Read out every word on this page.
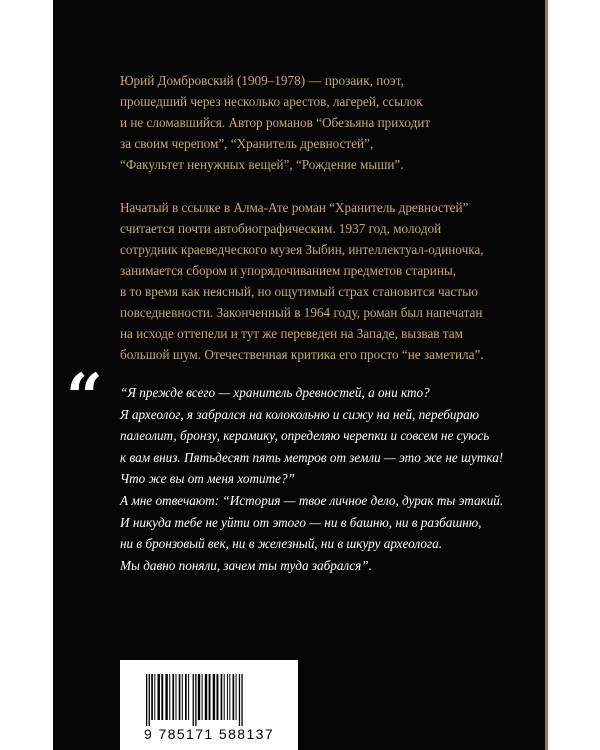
Юрий Домбровский (1909–1978) — прозаик, поэт,
прошедший через несколько арестов, лагерей, ссылок
и не сломавшийся. Автор романов “Обезьяна приходит
за своим черепом”, “Хранитель древностей”,
“Факультет ненужных вещей”, “Рождение мыши”.

Начатый в ссылке в Алма-Ате роман “Хранитель древностей”
считается почти автобиографическим. 1937 год, молодой
сотрудник краеведческого музея Зыбин, интеллектуал-одиночка,
занимается сбором и упорядочиванием предметов старины,
в то время как неясный, но ощутимый страх становится частью
повседневности. Законченный в 1964 году, роман был напечатан
на исходе оттепели и тут же переведен на Западе, вызвав там
большой шум. Отечественная критика его просто “не заметила”.

“ “Я прежде всего — хранитель древностей, а они кто?
Я археолог, я забрался на колокольню и сижу на ней, перебираю
палеолит, бронзу, керамику, определяю черепки и совсем не суюсь
к вам вниз. Пятьдесят пять метров от земли — это же не шутка!
Что же вы от меня хотите?”
А мне отвечают: “История — твое личное дело, дурак ты этакий.
И никуда тебе не уйти от этого — ни в башню, ни в разбашню,
ни в бронзовый век, ни в железный, ни в шкуру археолога.
Мы давно поняли, зачем ты туда забрался”.
9 785171 588137
